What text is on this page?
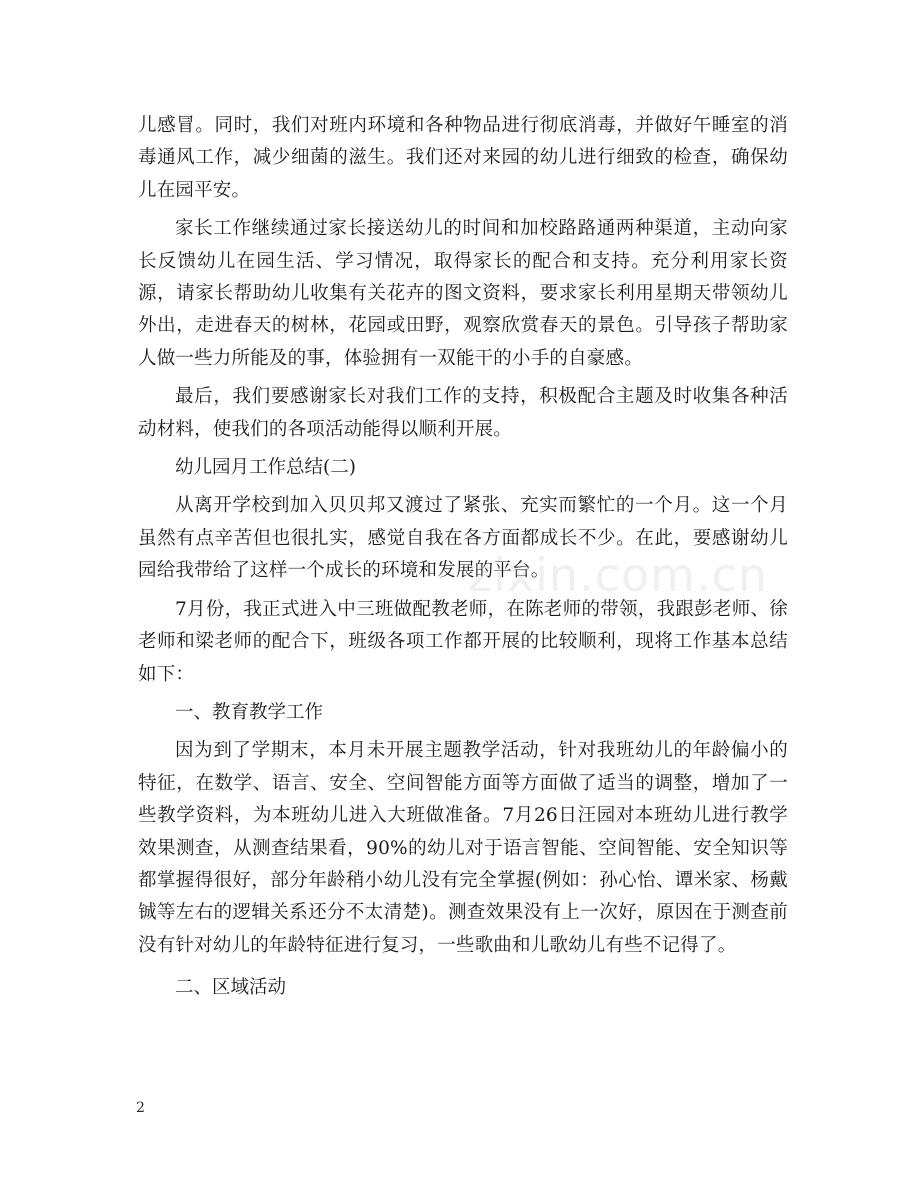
儿感冒。同时，我们对班内环境和各种物品进行彻底消毒，并做好午睡室的消毒通风工作，减少细菌的滋生。我们还对来园的幼儿进行细致的检查，确保幼儿在园平安。

家长工作继续通过家长接送幼儿的时间和加校路路通两种渠道，主动向家长反馈幼儿在园生活、学习情况，取得家长的配合和支持。充分利用家长资源，请家长帮助幼儿收集有关花卉的图文资料，要求家长利用星期天带领幼儿外出，走进春天的树林，花园或田野，观察欣赏春天的景色。引导孩子帮助家人做一些力所能及的事，体验拥有一双能干的小手的自豪感。

最后，我们要感谢家长对我们工作的支持，积极配合主题及时收集各种活动材料，使我们的各项活动能得以顺利开展。

幼儿园月工作总结(二)

从离开学校到加入贝贝邦又渡过了紧张、充实而繁忙的一个月。这一个月虽然有点辛苦但也很扎实，感觉自我在各方面都成长不少。在此，要感谢幼儿园给我带给了这样一个成长的环境和发展的平台。

7月份，我正式进入中三班做配教老师，在陈老师的带领，我跟彭老师、徐老师和梁老师的配合下，班级各项工作都开展的比较顺利，现将工作基本总结如下：

一、教育教学工作

因为到了学期末，本月未开展主题教学活动，针对我班幼儿的年龄偏小的特征，在数学、语言、安全、空间智能方面等方面做了适当的调整，增加了一些教学资料，为本班幼儿进入大班做准备。7月26日汪园对本班幼儿进行教学效果测查，从测查结果看，90%的幼儿对于语言智能、空间智能、安全知识等都掌握得很好，部分年龄稍小幼儿没有完全掌握(例如：孙心怡、谭米家、杨戴铖等左右的逻辑关系还分不太清楚)。测查效果没有上一次好，原因在于测查前没有针对幼儿的年龄特征进行复习，一些歌曲和儿歌幼儿有些不记得了。

二、区域活动

zixin.com.cn
2
